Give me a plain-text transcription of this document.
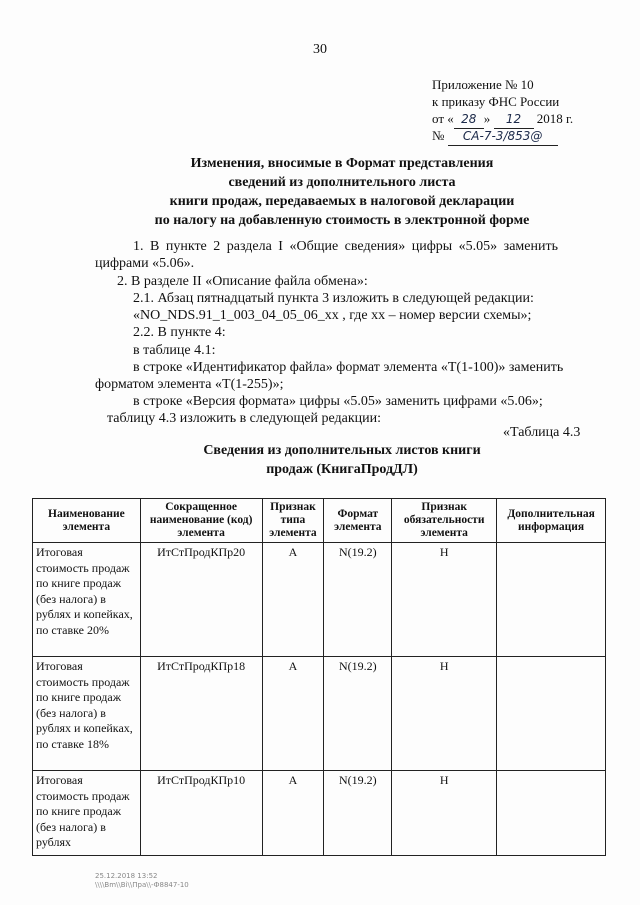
30
Приложение № 10
к приказу ФНС России
от « 28 » 12 2018 г.
№ СА-7-3/853@
Изменения, вносимые в Формат представления
сведений из дополнительного листа
книги продаж, передаваемых в налоговой декларации
по налогу на добавленную стоимость в электронной форме
1. В пункте 2 раздела I «Общие сведения» цифры «5.05» заменить
цифрами «5.06».
2. В разделе II «Описание файла обмена»:
2.1. Абзац пятнадцатый пункта 3 изложить в следующей редакции:
«NO_NDS.91_1_003_04_05_06_xx , где xx – номер версии схемы»;
2.2. В пункте 4:
в таблице 4.1:
в строке «Идентификатор файла» формат элемента «Т(1-100)» заменить
форматом элемента «Т(1-255)»;
в строке «Версия формата» цифры «5.05» заменить цифрами «5.06»;
таблицу 4.3 изложить в следующей редакции:
«Таблица 4.3
Сведения из дополнительных листов книги
продаж (КнигаПродДЛ)
Наименование элемента	Сокращенное наименование (код) элемента	Признак типа элемента	Формат элемента	Признак обязательности элемента	Дополнительная информация
Итоговая стоимость продаж по книге продаж (без налога) в рублях и копейках, по ставке 20%	ИтСтПродКПр20	А	N(19.2)	Н	
Итоговая стоимость продаж по книге продаж (без налога) в рублях и копейках, по ставке 18%	ИтСтПродКПр18	А	N(19.2)	Н	
Итоговая стоимость продаж по книге продаж (без налога) в рублях	ИтСтПродКПр10	А	N(19.2)	Н	
25.12.2018 13:52
\\\\Bm\\Bi\\Пра\\-Ф8847-10
